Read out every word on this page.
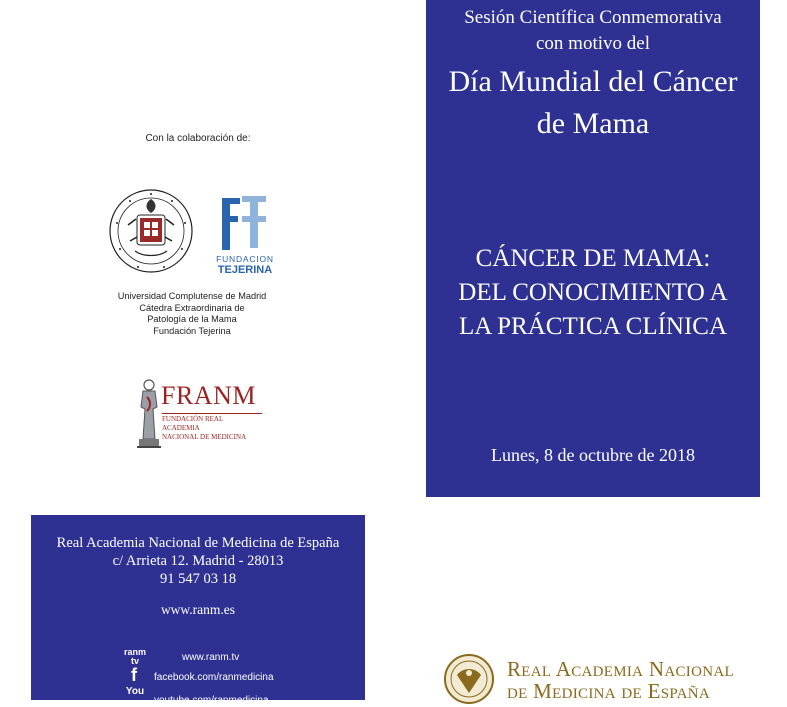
Sesión Científica Conmemorativa
con motivo del
Día Mundial del Cáncer
de Mama
CÁNCER DE MAMA:
DEL CONOCIMIENTO A
LA PRÁCTICA CLÍNICA
Lunes, 8 de octubre de 2018
Con la colaboración de:
FUNDACION
TEJERINA
Universidad Complutense de Madrid
Cátedra Extraordinaria de
Patología de la Mama
Fundación Tejerina
FRANM
FUNDACIÓN REAL ACADEMIA
NACIONAL DE MEDICINA
Real Academia Nacional de Medicina de España
c/ Arrieta 12. Madrid - 28013
91 547 03 18
www.ranm.es
ranm tv	www.ranm.tv
f	facebook.com/ranmedicina
You
youtube.com/ranmedicina
Real Academia Nacional
de Medicina de España
